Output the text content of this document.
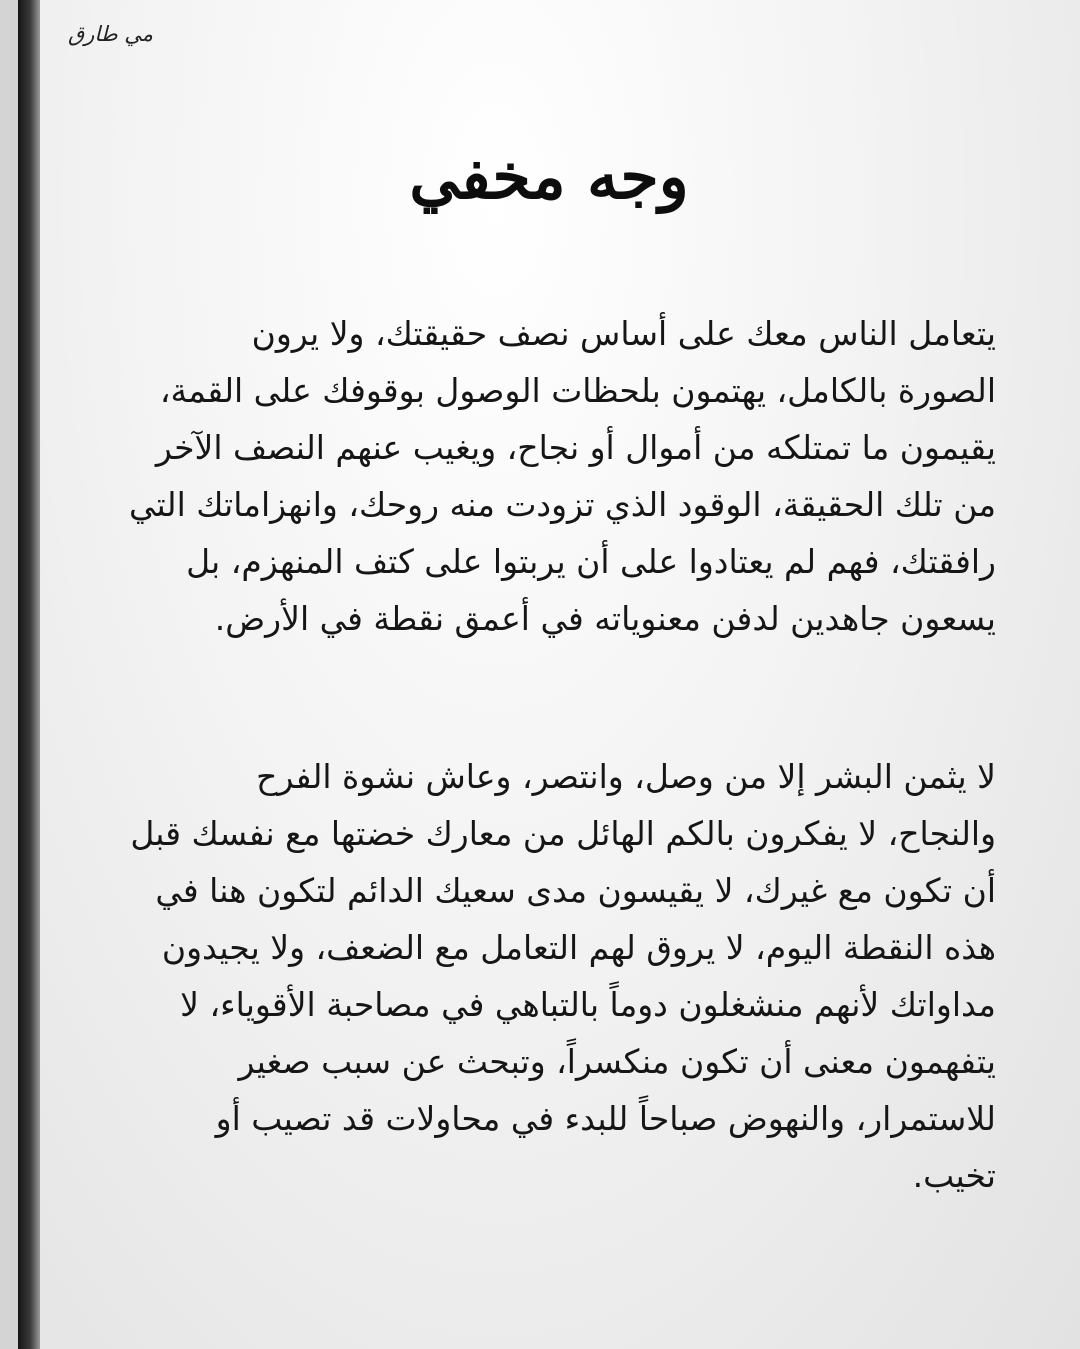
مي طارق
وجه مخفي
يتعامل الناس معك على أساس نصف حقيقتك، ولا يرون
الصورة بالكامل، يهتمون بلحظات الوصول بوقوفك على القمة،
يقيمون ما تمتلكه من أموال أو نجاح، ويغيب عنهم النصف الآخر
من تلك الحقيقة، الوقود الذي تزودت منه روحك، وانهزاماتك التي
رافقتك، فهم لم يعتادوا على أن يربتوا على كتف المنهزم، بل
يسعون جاهدين لدفن معنوياته في أعمق نقطة في الأرض.
لا يثمن البشر إلا من وصل، وانتصر، وعاش نشوة الفرح
والنجاح، لا يفكرون بالكم الهائل من معارك خضتها مع نفسك قبل
أن تكون مع غيرك، لا يقيسون مدى سعيك الدائم لتكون هنا في
هذه النقطة اليوم، لا يروق لهم التعامل مع الضعف، ولا يجيدون
مداواتك لأنهم منشغلون دوماً بالتباهي في مصاحبة الأقوياء، لا
يتفهمون معنى أن تكون منكسراً، وتبحث عن سبب صغير
للاستمرار، والنهوض صباحاً للبدء في محاولات قد تصيب أو
تخيب.
